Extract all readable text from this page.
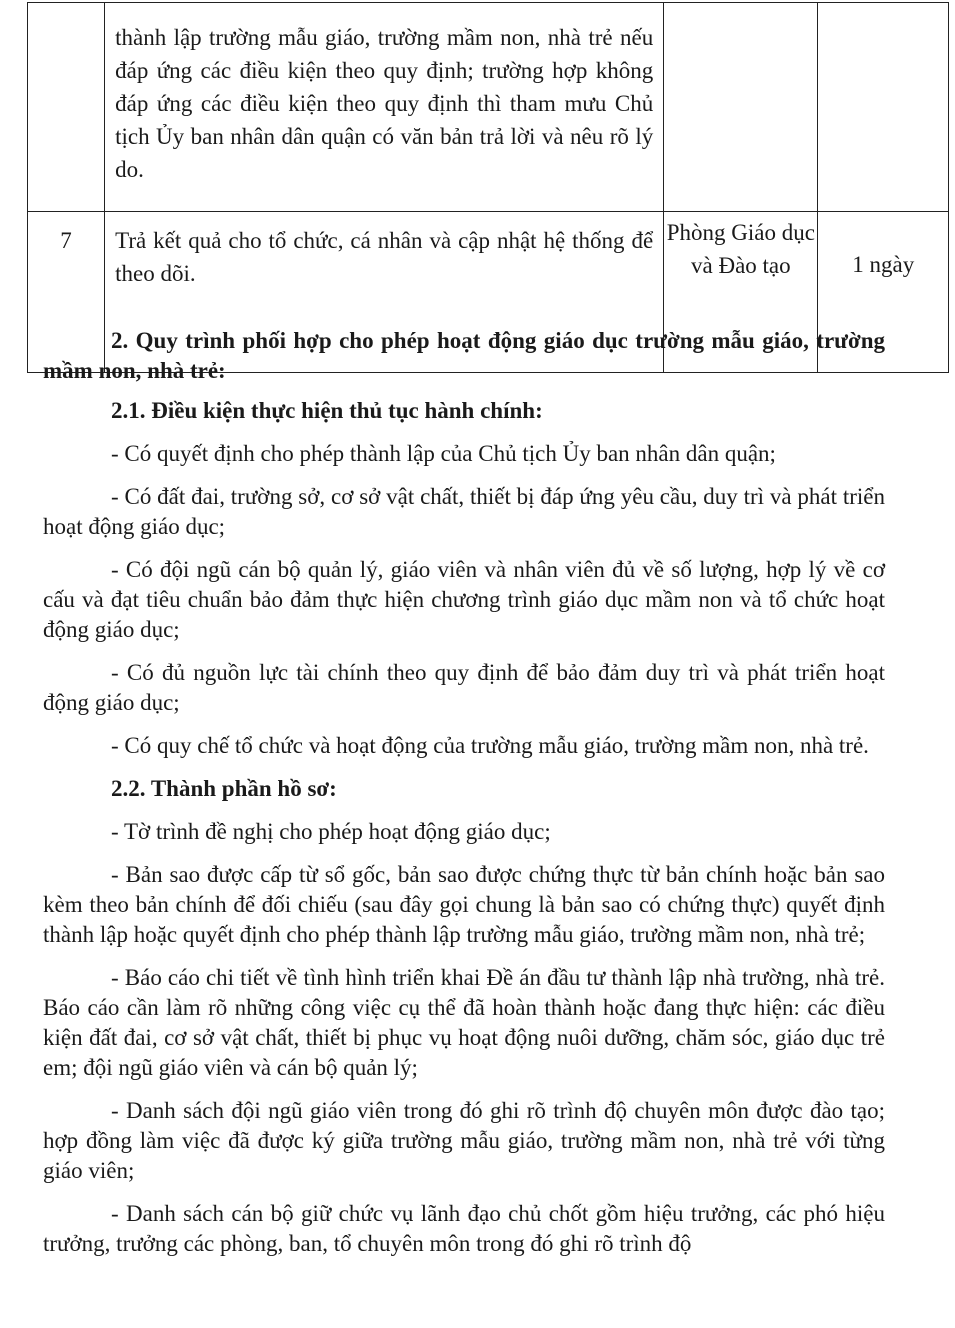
	thành lập trường mẫu giáo, trường mầm non, nhà trẻ nếu đáp ứng các điều kiện theo quy định; trường hợp không đáp ứng các điều kiện theo quy định thì tham mưu Chủ tịch Ủy ban nhân dân quận có văn bản trả lời và nêu rõ lý do.		
7	Trả kết quả cho tổ chức, cá nhân và cập nhật hệ thống để theo dõi.	Phòng Giáo dục và Đào tạo	1 ngày

2. Quy trình phối hợp cho phép hoạt động giáo dục trường mẫu giáo, trường mầm non, nhà trẻ:

2.1. Điều kiện thực hiện thủ tục hành chính:

- Có quyết định cho phép thành lập của Chủ tịch Ủy ban nhân dân quận;

- Có đất đai, trường sở, cơ sở vật chất, thiết bị đáp ứng yêu cầu, duy trì và phát triển hoạt động giáo dục;

- Có đội ngũ cán bộ quản lý, giáo viên và nhân viên đủ về số lượng, hợp lý về cơ cấu và đạt tiêu chuẩn bảo đảm thực hiện chương trình giáo dục mầm non và tổ chức hoạt động giáo dục;

- Có đủ nguồn lực tài chính theo quy định để bảo đảm duy trì và phát triển hoạt động giáo dục;

- Có quy chế tổ chức và hoạt động của trường mẫu giáo, trường mầm non, nhà trẻ.

2.2. Thành phần hồ sơ:

- Tờ trình đề nghị cho phép hoạt động giáo dục;

- Bản sao được cấp từ sổ gốc, bản sao được chứng thực từ bản chính hoặc bản sao kèm theo bản chính để đối chiếu (sau đây gọi chung là bản sao có chứng thực) quyết định thành lập hoặc quyết định cho phép thành lập trường mẫu giáo, trường mầm non, nhà trẻ;

- Báo cáo chi tiết về tình hình triển khai Đề án đầu tư thành lập nhà trường, nhà trẻ. Báo cáo cần làm rõ những công việc cụ thể đã hoàn thành hoặc đang thực hiện: các điều kiện đất đai, cơ sở vật chất, thiết bị phục vụ hoạt động nuôi dưỡng, chăm sóc, giáo dục trẻ em; đội ngũ giáo viên và cán bộ quản lý;

- Danh sách đội ngũ giáo viên trong đó ghi rõ trình độ chuyên môn được đào tạo; hợp đồng làm việc đã được ký giữa trường mẫu giáo, trường mầm non, nhà trẻ với từng giáo viên;

- Danh sách cán bộ giữ chức vụ lãnh đạo chủ chốt gồm hiệu trưởng, các phó hiệu trưởng, trưởng các phòng, ban, tổ chuyên môn trong đó ghi rõ trình độ
